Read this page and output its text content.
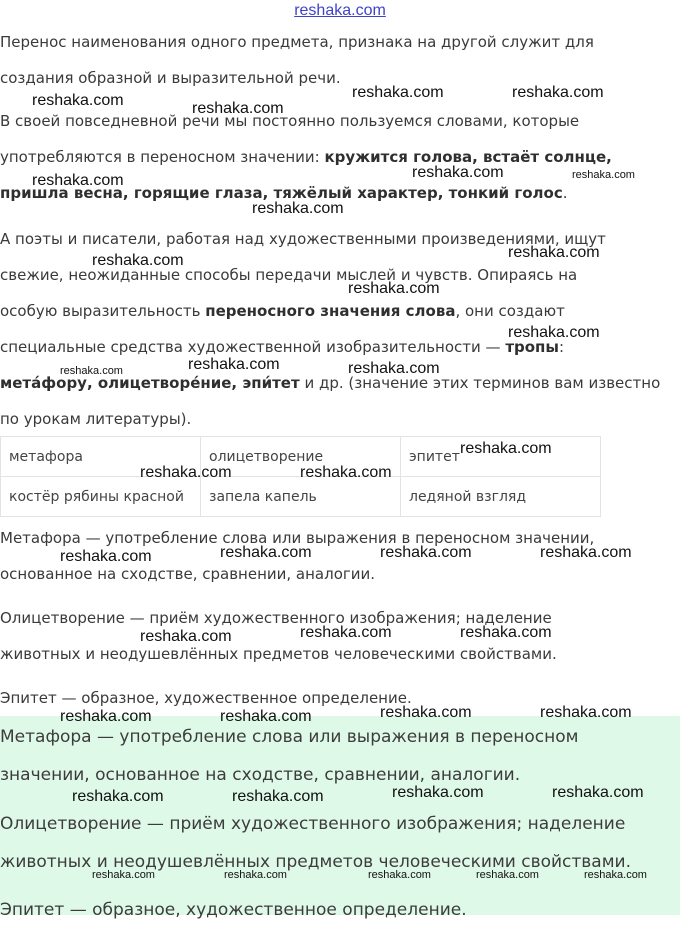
reshaka.com

Перенос наименования одного предмета, признака на другой служит для
создания образной и выразительной речи.

В своей повседневной речи мы постоянно пользуемся словами, которые
употребляются в переносном значении: кружится голова, встаёт солнце,
пришла весна, горящие глаза, тяжёлый характер, тонкий голос.

А поэты и писатели, работая над художественными произведениями, ищут
свежие, неожиданные способы передачи мыслей и чувств. Опираясь на
особую выразительность переносного значения слова, они создают
специальные средства художественной изобразительности — тропы:
мета́фору, олицетворе́ние, эпи́тет и др. (значение этих терминов вам известно
по урокам литературы).

метафора	олицетворение	эпитет
костёр рябины красной	запела капель	ледяной взгляд

Метафора — употребление слова или выражения в переносном значении,
основанное на сходстве, сравнении, аналогии.

Олицетворение — приём художественного изображения; наделение
животных и неодушевлённых предметов человеческими свойствами.

Эпитет — образное, художественное определение.

Метафора — употребление слова или выражения в переносном
значении, основанное на сходстве, сравнении, аналогии.

Олицетворение — приём художественного изображения; наделение
животных и неодушевлённых предметов человеческими свойствами.

Эпитет — образное, художественное определение.

reshaka.com	reshaka.com
reshaka.com	reshaka.com
reshaka.com	reshaka.com	reshaka.com
reshaka.com
reshaka.com	reshaka.com
reshaka.com
reshaka.com
reshaka.com	reshaka.com	reshaka.com
reshaka.com
reshaka.com	reshaka.com
reshaka.com	reshaka.com	reshaka.com	reshaka.com
reshaka.com	reshaka.com	reshaka.com
reshaka.com	reshaka.com	reshaka.com	reshaka.com
reshaka.com	reshaka.com	reshaka.com	reshaka.com
reshaka.com	reshaka.com	reshaka.com	reshaka.com	reshaka.com
